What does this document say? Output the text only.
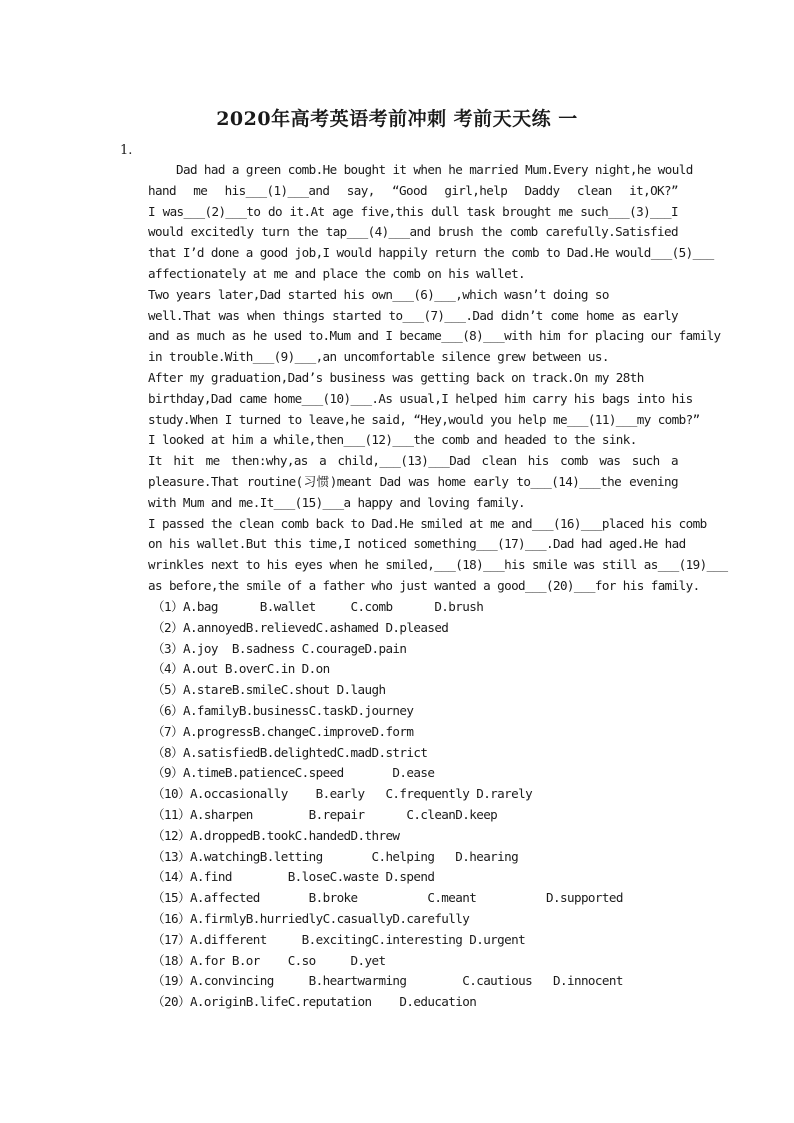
2020年高考英语考前冲刺 考前天天练 一
1.
Dad had a green comb.He bought it when he married Mum.Every night,he would
hand me his___(1)___and say, “Good girl,help Daddy clean it,OK?”
I was___(2)___to do it.At age five,this dull task brought me such___(3)___I
would excitedly turn the tap___(4)___and brush the comb carefully.Satisfied
that I’d done a good job,I would happily return the comb to Dad.He would___(5)___
affectionately at me and place the comb on his wallet.
Two years later,Dad started his own___(6)___,which wasn’t doing so
well.That was when things started to___(7)___.Dad didn’t come home as early
and as much as he used to.Mum and I became___(8)___with him for placing our family
in trouble.With___(9)___,an uncomfortable silence grew between us.
After my graduation,Dad’s business was getting back on track.On my 28th
birthday,Dad came home___(10)___.As usual,I helped him carry his bags into his
study.When I turned to leave,he said, “Hey,would you help me___(11)___my comb?”
I looked at him a while,then___(12)___the comb and headed to the sink.
It hit me then:why,as a child,___(13)___Dad clean his comb was such a
pleasure.That routine(习惯)meant Dad was home early to___(14)___the evening
with Mum and me.It___(15)___a happy and loving family.
I passed the clean comb back to Dad.He smiled at me and___(16)___placed his comb
on his wallet.But this time,I noticed something___(17)___.Dad had aged.He had
wrinkles next to his eyes when he smiled,___(18)___his smile was still as___(19)___
as before,the smile of a father who just wanted a good___(20)___for his family.
（1）A.bag      B.wallet     C.comb      D.brush
（2）A.annoyedB.relievedC.ashamed D.pleased
（3）A.joy  B.sadness C.courageD.pain
（4）A.out B.overC.in D.on
（5）A.stareB.smileC.shout D.laugh
（6）A.familyB.businessC.taskD.journey
（7）A.progressB.changeC.improveD.form
（8）A.satisfiedB.delightedC.madD.strict
（9）A.timeB.patienceC.speed       D.ease
（10）A.occasionally    B.early   C.frequently D.rarely
（11）A.sharpen        B.repair      C.cleanD.keep
（12）A.droppedB.tookC.handedD.threw
（13）A.watchingB.letting       C.helping   D.hearing
（14）A.find        B.loseC.waste D.spend
（15）A.affected       B.broke          C.meant          D.supported
（16）A.firmlyB.hurriedlyC.casuallyD.carefully
（17）A.different     B.excitingC.interesting D.urgent
（18）A.for B.or    C.so     D.yet
（19）A.convincing     B.heartwarming        C.cautious   D.innocent
（20）A.originB.lifeC.reputation    D.education
